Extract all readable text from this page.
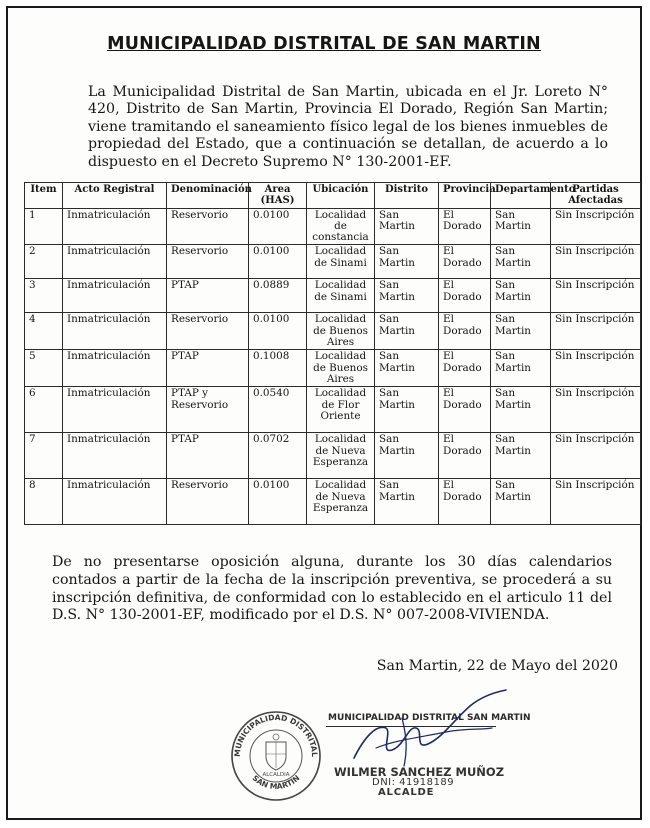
MUNICIPALIDAD DISTRITAL DE SAN MARTIN

La Municipalidad Distrital de San Martin, ubicada en el Jr. Loreto N° 420, Distrito de San Martin, Provincia El Dorado, Región San Martin; viene tramitando el saneamiento físico legal de los bienes inmuebles de propiedad del Estado, que a continuación se detallan, de acuerdo a lo dispuesto en el Decreto Supremo N° 130-2001-EF.

Item	Acto Registral	Denominación	Area (HAS)	Ubicación	Distrito	Provincia	Departamento	Partidas Afectadas
1	Inmatriculación	Reservorio	0.0100	Localidad de constancia	San Martin	El Dorado	San Martin	Sin Inscripción
2	Inmatriculación	Reservorio	0.0100	Localidad de Sinami	San Martin	El Dorado	San Martin	Sin Inscripción
3	Inmatriculación	PTAP	0.0889	Localidad de Sinami	San Martin	El Dorado	San Martin	Sin Inscripción
4	Inmatriculación	Reservorio	0.0100	Localidad de Buenos Aires	San Martin	El Dorado	San Martin	Sin Inscripción
5	Inmatriculación	PTAP	0.1008	Localidad de Buenos Aires	San Martin	El Dorado	San Martin	Sin Inscripción
6	Inmatriculación	PTAP y Reservorio	0.0540	Localidad de Flor Oriente	San Martin	El Dorado	San Martin	Sin Inscripción
7	Inmatriculación	PTAP	0.0702	Localidad de Nueva Esperanza	San Martin	El Dorado	San Martin	Sin Inscripción
8	Inmatriculación	Reservorio	0.0100	Localidad de Nueva Esperanza	San Martin	El Dorado	San Martin	Sin Inscripción

De no presentarse oposición alguna, durante los 30 días calendarios contados a partir de la fecha de la inscripción preventiva, se procederá a su inscripción definitiva, de conformidad con lo establecido en el articulo 11 del D.S. N° 130-2001-EF, modificado por el D.S. N° 007-2008-VIVIENDA.

San Martin, 22 de Mayo del 2020
MUNICIPALIDAD DISTRITAL
SAN MARTIN
ALCALDIA
MUNICIPALIDAD DISTRITAL SAN MARTIN
WILMER SANCHEZ MUÑOZ
DNI: 41918189
ALCALDE
